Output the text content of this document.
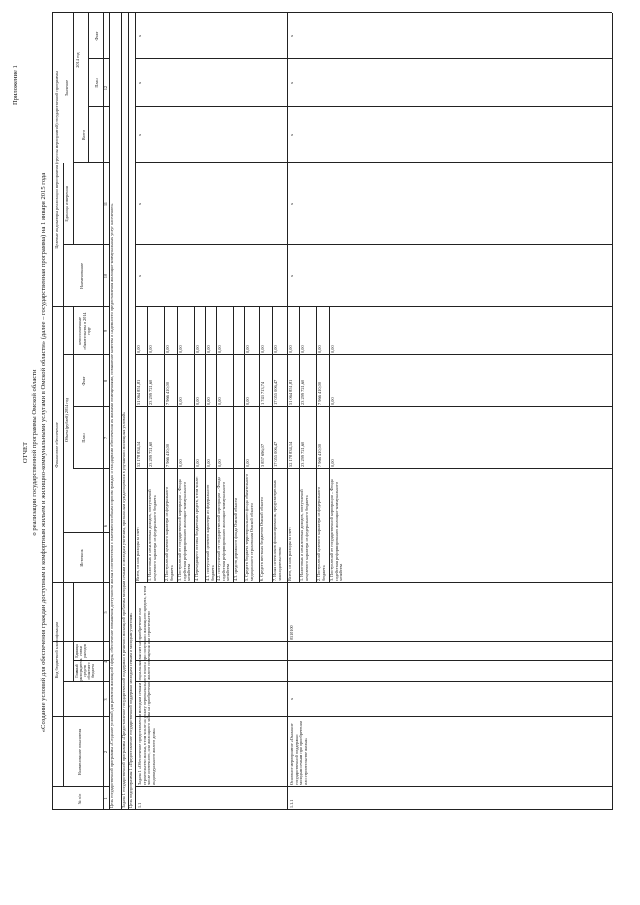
Приложение 1
ОТЧЕТ о реализации государственной программы Омской области «Создание условий для обеспечения граждан доступным и комфортным жильем и жилищно-коммунальными услугами в Омской области» (далее – государственная программа) на 1 января 2015 года
№ п/п
Наименование показателя
Код бюджетной классификации	Главный распорядитель средств областного бюджета
Единица статьи расходов
Финансовое обеспечение
Источник
Объем (рублей) 2014 год	План
Факт
неисполненные обязательства в 2014 году
Целевые индикаторы реализации мероприятия (группы мероприятий) государственной программы
Наименование
Единица измерения
Значение
Всего
2014 год
План
Факт
1
2
3
4
5
6
7
8
9
10
11
12
Цель государственной программы «Создание условий для развития жилищной сферы, обеспечение повышения доступности жилья в соответствии с платежеспособным спросом граждан и стандартами обеспечения их жилыми помещениями, повышение качества и надежности предоставления жилищно-коммунальных услуг населению» Задача 1 государственной программы «Предоставление государственной поддержки в решении жилищной проблемы молодым семьям и молодым учителям, признанным нуждающимися в улучшении жилищных условий» Цель подпрограммы 1 «Предоставление государственной поддержки молодым семьям и молодым учителям» 1.1
Задача 1 «Обеспечение предоставления молодым семьям социальных выплат на приобретение или строительство жилья, в том числе на уплату первоначального взноса при получении жилищного кредита, в том числе ипотечного, или жилищного займа на приобретение жилого помещения или строительство индивидуального жилого дома»
Всего, из них расходы за счет:
52 178 834,14
51 064 851,81
0,00
1. Налоговых и неналоговых доходов, поступлений нецелевого характера из федерального бюджета
23 299 721,60
23 299 721,60
0,00
2. Поступлений целевого характера из федерального бюджета
7 966 410,00
7 966 410,00
0,00
3. Поступлений от государственной корпорации – Фонда содействия реформированию жилищно-коммунального хозяйства
0,00
0,00
0,00
4. Переходящего остатка бюджетных средств, в том числе:
0,00
0,00
0,00
4.1. поступлений целевого характера из федерального бюджета
0,00
0,00
0,00
4.2. поступлений от государственной корпорации – Фонда содействия реформированию жилищно-коммунального хозяйства
0,00
0,00
0,00
4.3. средств дорожного фонда Омской области 5. Средств бюджета территориального фонда обязательного медицинского страхования Омской области
0,00
0,00
0,00
6. Средств местных бюджетов Омской области
3 857 696,07
1 743 713,74
0,00
7. Иных источников финансирования, предусмотренных законодательством
17 055 006,47
17 055 006,47
0,00
х
х
х
х
х
1.1.1
Основное мероприятие «Оказание государственной поддержки молодым семьям при приобретении или строительстве жилья»
х
0510100
Всего, из них расходы за счет:
52 178 834,14
51 064 851,81
0,00
1. Налоговых и неналоговых доходов, поступлений нецелевого характера из федерального бюджета
23 299 721,60
23 299 721,60
0,00
2. Поступлений целевого характера из федерального бюджета
7 966 410,00
7 966 410,00
0,00
3. Поступлений от государственной корпорации – Фонда содействия реформированию жилищно-коммунального хозяйства
0,00
0,00
0,00
х
х
х
х
х
